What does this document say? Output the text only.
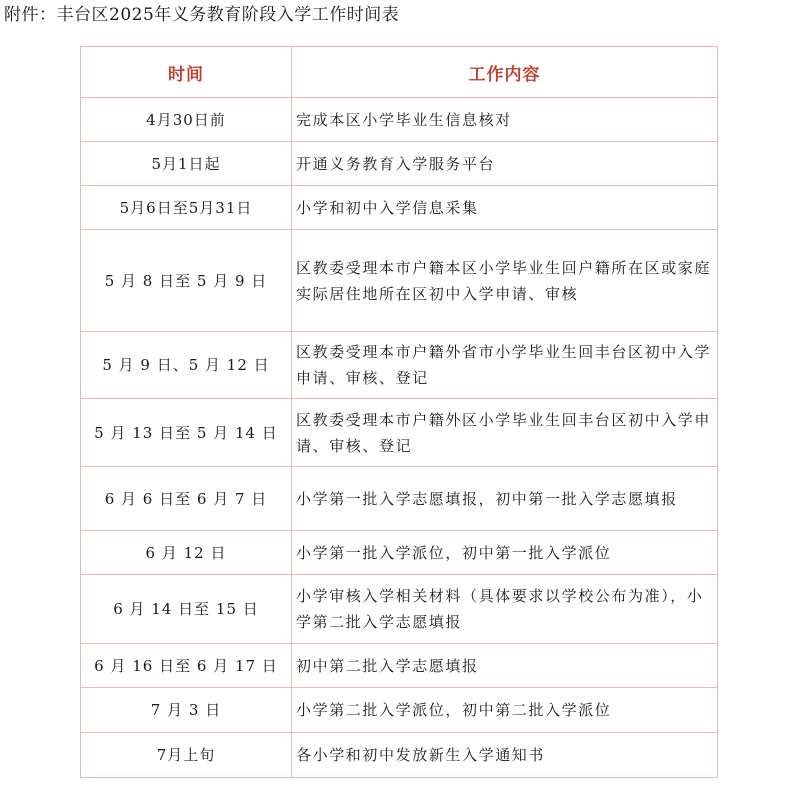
附件：丰台区2025年义务教育阶段入学工作时间表
时间	工作内容
4月30日前	完成本区小学毕业生信息核对
5月1日起	开通义务教育入学服务平台
5月6日至5月31日	小学和初中入学信息采集
5 月 8 日至 5 月 9 日	区教委受理本市户籍本区小学毕业生回户籍所在区或家庭实际居住地所在区初中入学申请、审核
5 月 9 日、5 月 12 日	区教委受理本市户籍外省市小学毕业生回丰台区初中入学申请、审核、登记
5 月 13 日至 5 月 14 日	区教委受理本市户籍外区小学毕业生回丰台区初中入学申请、审核、登记
6 月 6 日至 6 月 7 日	小学第一批入学志愿填报，初中第一批入学志愿填报
6 月 12 日	小学第一批入学派位，初中第一批入学派位
6 月 14 日至 15 日	小学审核入学相关材料（具体要求以学校公布为准），小学第二批入学志愿填报
6 月 16 日至 6 月 17 日	初中第二批入学志愿填报
7 月 3 日	小学第二批入学派位，初中第二批入学派位
7月上旬	各小学和初中发放新生入学通知书
